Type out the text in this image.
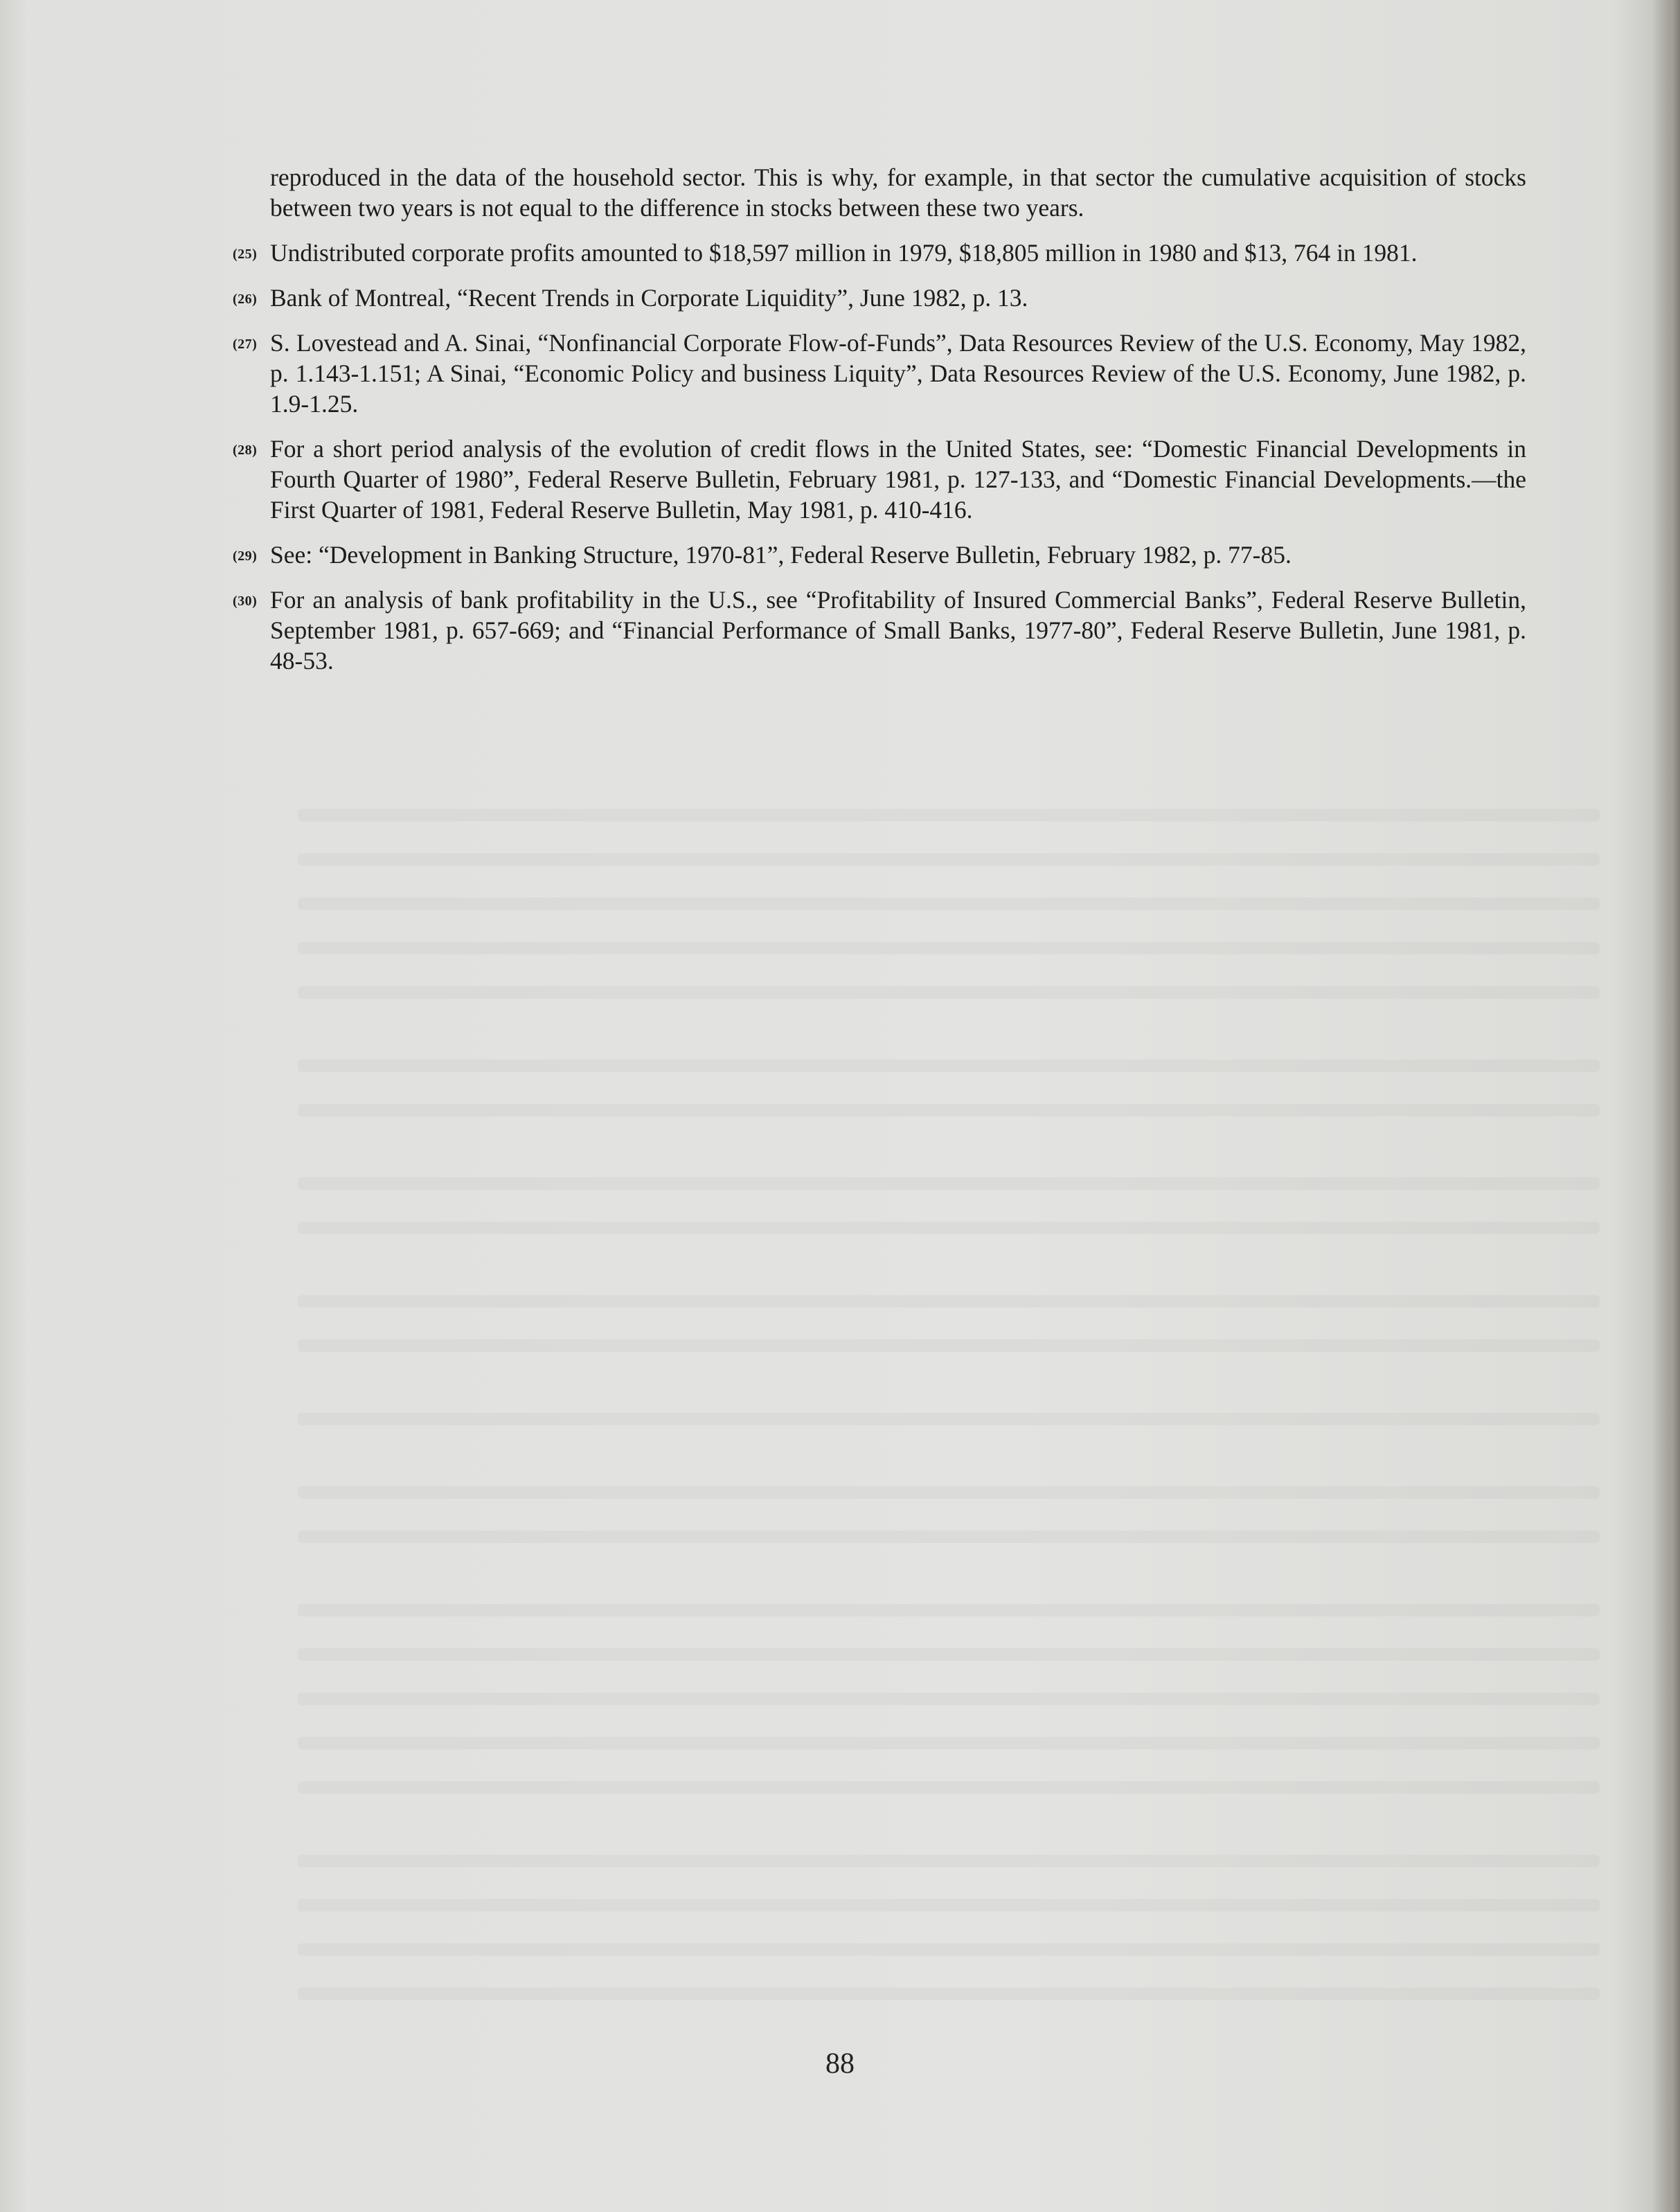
reproduced in the data of the household sector. This is why, for example, in that sector the cumulative acquisition of stocks between two years is not equal to the difference in stocks between these two years.

(25) Undistributed corporate profits amounted to $18,597 million in 1979, $18,805 million in 1980 and $13, 764 in 1981.

(26) Bank of Montreal, “Recent Trends in Corporate Liquidity”, June 1982, p. 13.

(27) S. Lovestead and A. Sinai, “Nonfinancial Corporate Flow-of-Funds”, Data Resources Review of the U.S. Economy, May 1982, p. 1.143-1.151; A Sinai, “Economic Policy and business Liquity”, Data Resources Review of the U.S. Economy, June 1982, p. 1.9-1.25.

(28) For a short period analysis of the evolution of credit flows in the United States, see: “Domestic Financial Developments in Fourth Quarter of 1980”, Federal Reserve Bulletin, February 1981, p. 127-133, and “Domestic Financial Developments.—the First Quarter of 1981, Federal Reserve Bulletin, May 1981, p. 410-416.

(29) See: “Development in Banking Structure, 1970-81”, Federal Reserve Bulletin, February 1982, p. 77-85.

(30) For an analysis of bank profitability in the U.S., see “Profitability of Insured Commercial Banks”, Federal Reserve Bulletin, September 1981, p. 657-669; and “Financial Performance of Small Banks, 1977-80”, Federal Reserve Bulletin, June 1981, p. 48-53.

88
